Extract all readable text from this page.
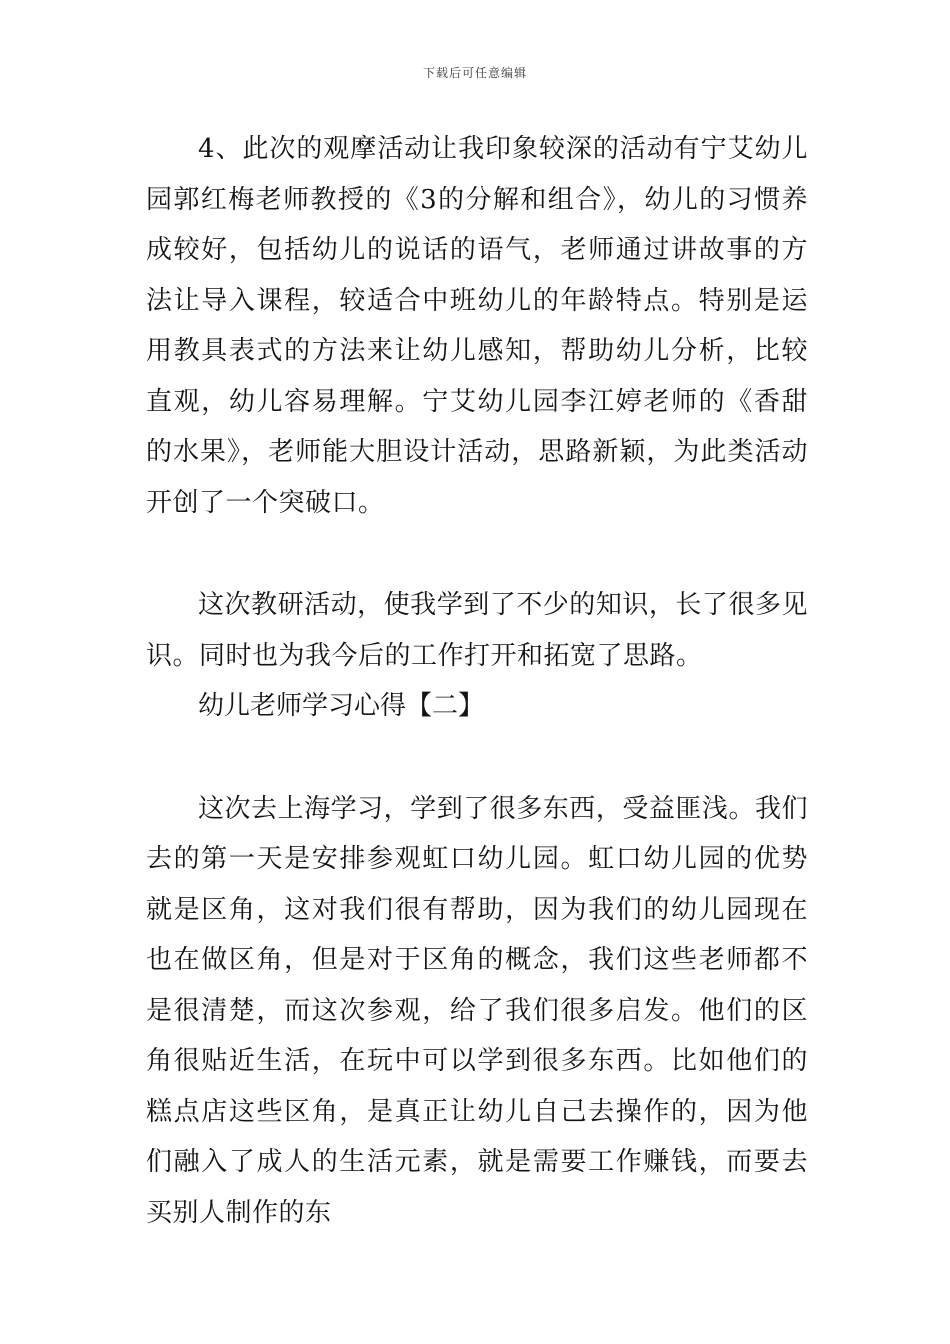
下载后可任意编辑

4、此次的观摩活动让我印象较深的活动有宁艾幼儿园郭红梅老师教授的《3的分解和组合》，幼儿的习惯养成较好，包括幼儿的说话的语气，老师通过讲故事的方法让导入课程，较适合中班幼儿的年龄特点。特别是运用教具表式的方法来让幼儿感知，帮助幼儿分析，比较直观，幼儿容易理解。宁艾幼儿园李江婷老师的《香甜的水果》，老师能大胆设计活动，思路新颖，为此类活动开创了一个突破口。

这次教研活动，使我学到了不少的知识，长了很多见识。同时也为我今后的工作打开和拓宽了思路。

幼儿老师学习心得【二】

这次去上海学习，学到了很多东西，受益匪浅。我们去的第一天是安排参观虹口幼儿园。虹口幼儿园的优势就是区角，这对我们很有帮助，因为我们的幼儿园现在也在做区角，但是对于区角的概念，我们这些老师都不是很清楚，而这次参观，给了我们很多启发。他们的区角很贴近生活，在玩中可以学到很多东西。比如他们的糕点店这些区角，是真正让幼儿自己去操作的，因为他们融入了成人的生活元素，就是需要工作赚钱，而要去买别人制作的东
